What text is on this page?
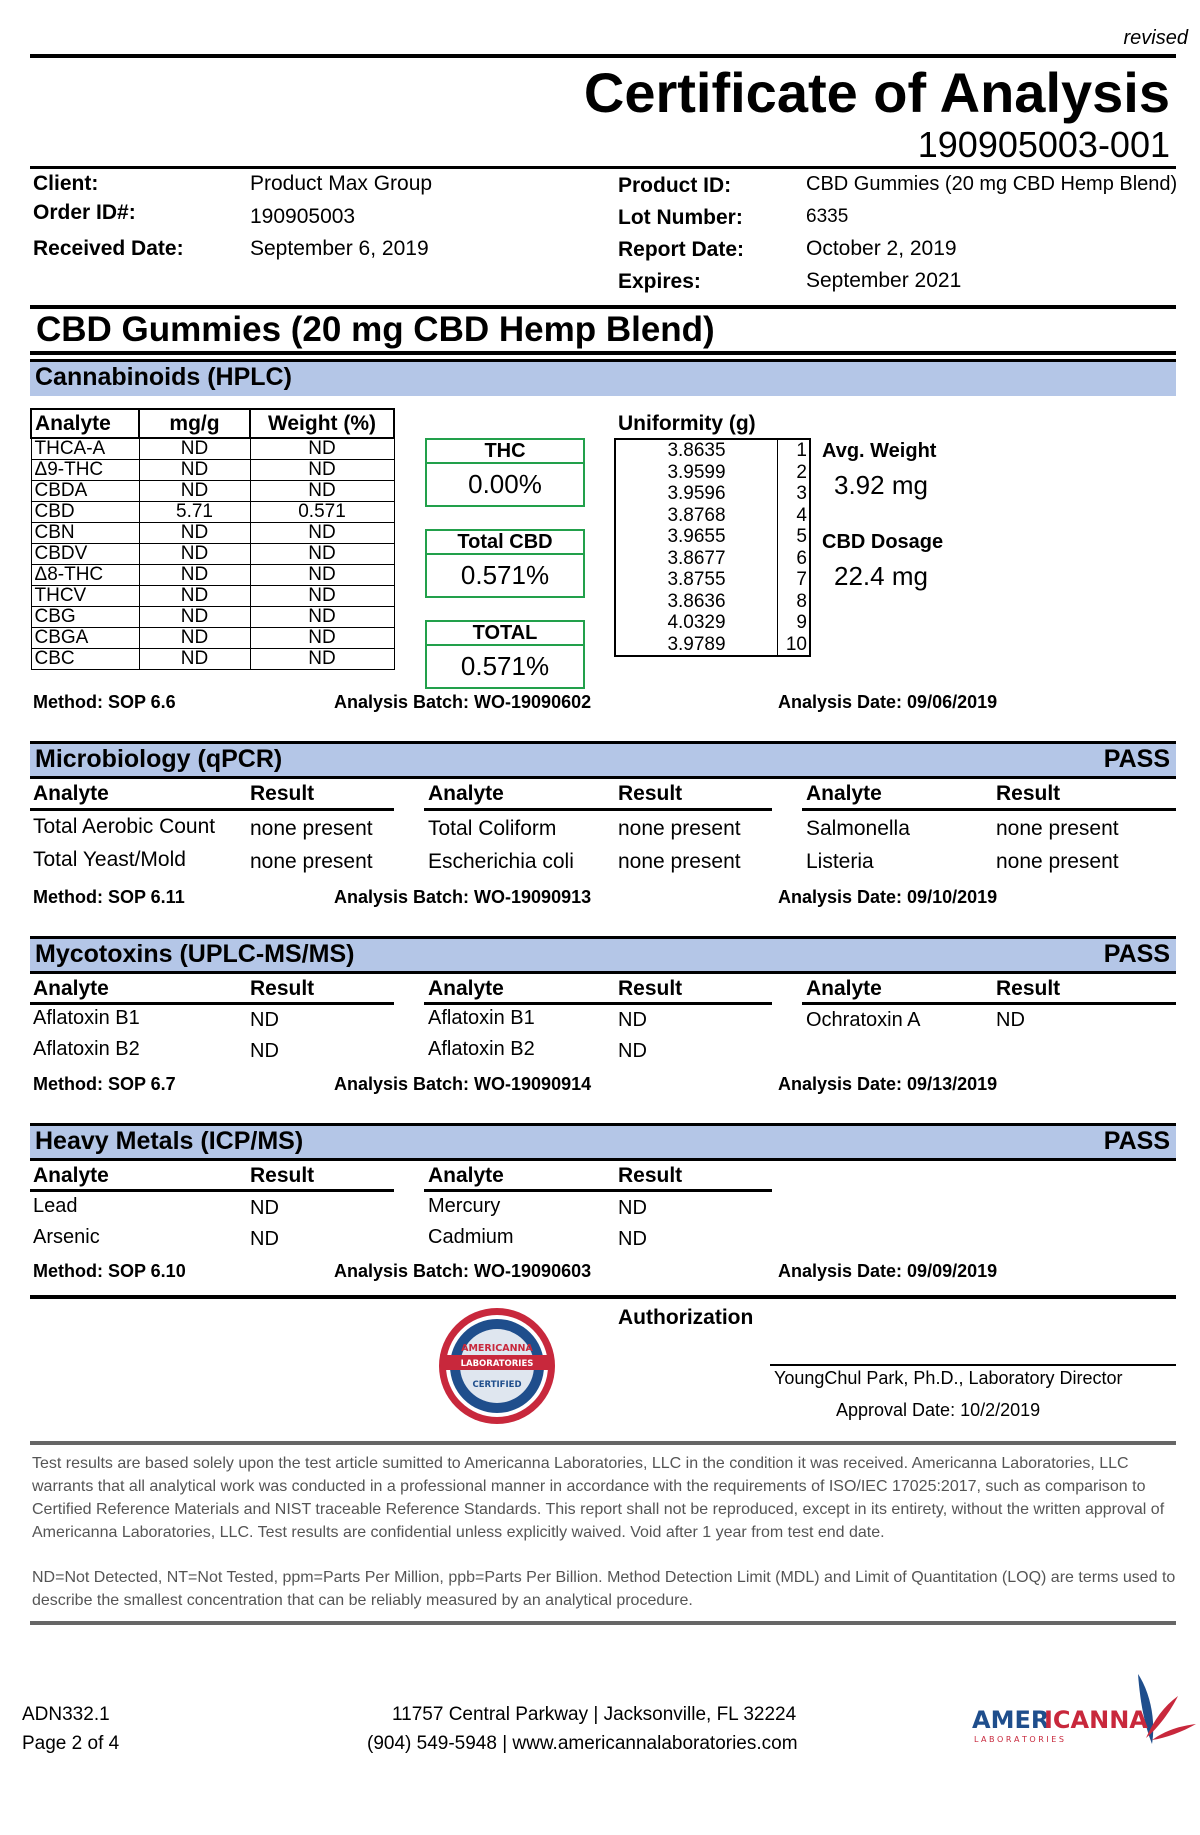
revised
Certificate of Analysis
190905003-001
Client:	Product Max Group
Order ID#:	190905003
Received Date:	September 6, 2019
Product ID:	CBD Gummies (20 mg CBD Hemp Blend)
Lot Number:	6335
Report Date:	October 2, 2019
Expires:	September 2021
CBD Gummies (20 mg CBD Hemp Blend)
Cannabinoids (HPLC)
Analyte	mg/g	Weight (%)
THCA-A	ND	ND
Δ9-THC	ND	ND
CBDA	ND	ND
CBD	5.71	0.571
CBN	ND	ND
CBDV	ND	ND
Δ8-THC	ND	ND
THCV	ND	ND
CBG	ND	ND
CBGA	ND	ND
CBC	ND	ND
THC
0.00%
Total CBD
0.571%
TOTAL
0.571%
Uniformity (g)
3.8635	1
3.9599	2
3.9596	3
3.8768	4
3.9655	5
3.8677	6
3.8755	7
3.8636	8
4.0329	9
3.9789	10
Avg. Weight
3.92 mg
CBD Dosage
22.4 mg
Method: SOP 6.6	Analysis Batch: WO-19090602	Analysis Date: 09/06/2019
Microbiology (qPCR)	PASS
Analyte	Result	Analyte	Result	Analyte	Result
Total Aerobic Count none present
Total Yeast/Mold	none present
Total Coliform	none present
Escherichia coli none present
Salmonella	none present
Listeria	none present
Method: SOP 6.11	Analysis Batch: WO-19090913	Analysis Date: 09/10/2019
Mycotoxins (UPLC-MS/MS)	PASS
Analyte	Result	Analyte	Result	Analyte	Result
Aflatoxin B1	ND
Aflatoxin B2	ND
Aflatoxin B1	ND
Aflatoxin B2	ND
Ochratoxin A	ND
Method: SOP 6.7	Analysis Batch: WO-19090914	Analysis Date: 09/13/2019
Heavy Metals (ICP/MS)	PASS
Analyte	Result	Analyte	Result
Lead	ND
Arsenic	ND
Mercury	ND
Cadmium	ND
Method: SOP 6.10	Analysis Batch: WO-19090603	Analysis Date: 09/09/2019
AMERICANNA
LABORATORIES
CERTIFIED
Authorization
YoungChul Park, Ph.D., Laboratory Director
Approval Date: 10/2/2019
Test results are based solely upon the test article sumitted to Americanna Laboratories, LLC in the condition it was received. Americanna Laboratories, LLC warrants that all analytical work was conducted in a professional manner in accordance with the requirements of ISO/IEC 17025:2017, such as comparison to Certified Reference Materials and NIST traceable Reference Standards. This report shall not be reproduced, except in its entirety, without the written approval of Americanna Laboratories, LLC. Test results are confidential unless explicitly waived. Void after 1 year from test end date.
ND=Not Detected, NT=Not Tested, ppm=Parts Per Million, ppb=Parts Per Billion. Method Detection Limit (MDL) and Limit of Quantitation (LOQ) are terms used to describe the smallest concentration that can be reliably measured by an analytical procedure.
ADN332.1
Page 2 of 4
11757 Central Parkway | Jacksonville, FL 32224
(904) 549-5948 | www.americannalaboratories.com
AMER
ICANNA
L A B O R A T O R I E S
